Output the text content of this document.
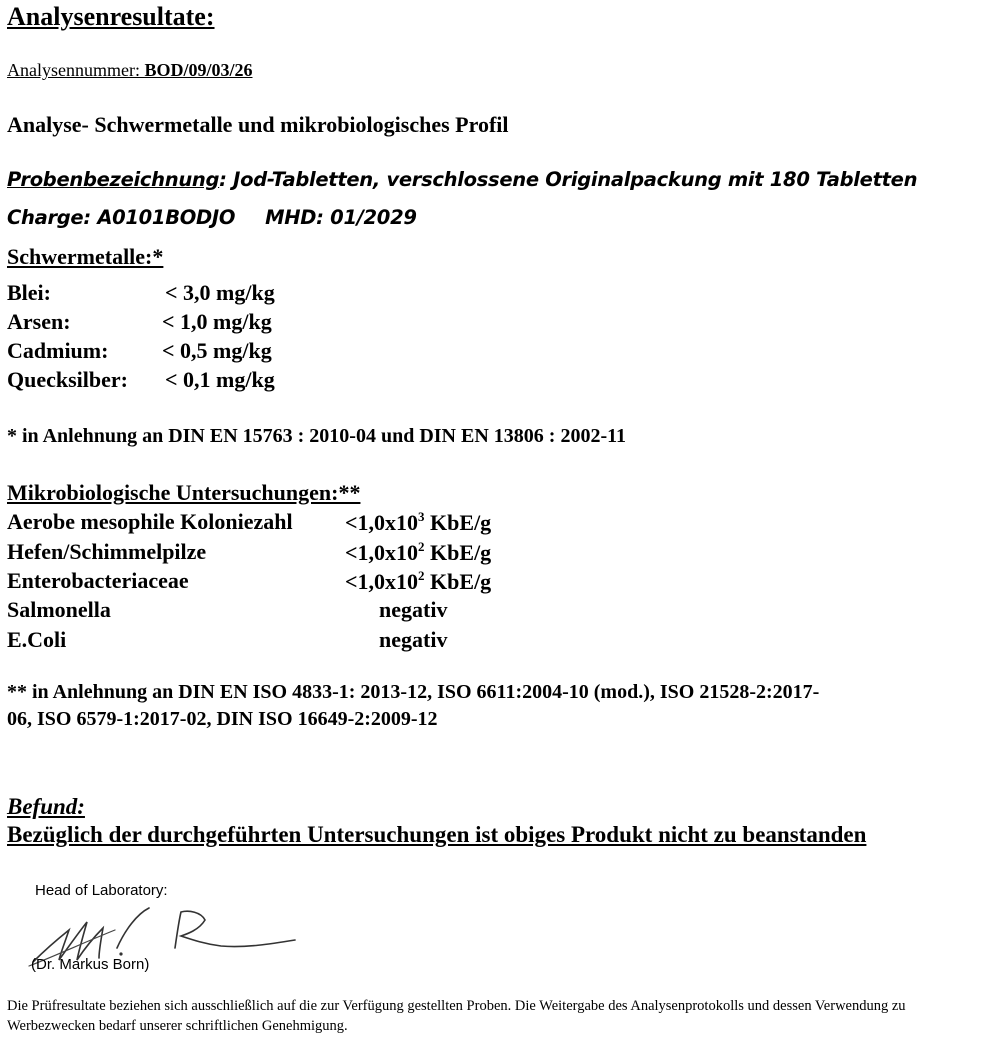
Analysenresultate:
Analysennummer: BOD/09/03/26
Analyse- Schwermetalle und mikrobiologisches Profil
Probenbezeichnung: Jod-Tabletten, verschlossene Originalpackung mit 180 Tabletten
Charge: A0101BODJO MHD: 01/2029
Schwermetalle:*
Blei:	< 3,0 mg/kg
Arsen:	< 1,0 mg/kg
Cadmium: < 0,5 mg/kg
Quecksilber: < 0,1 mg/kg
* in Anlehnung an DIN EN 15763 : 2010-04 und DIN EN 13806 : 2002-11
Mikrobiologische Untersuchungen:**
Aerobe mesophile Koloniezahl $<1,0x10^3$ KbE/g
Hefen/Schimmelpilze	$<1,0x10^2$ KbE/g
Enterobacteriaceae	$<1,0x10^2$ KbE/g
Salmonella	negativ
E.Coli	negativ
** in Anlehnung an DIN EN ISO 4833-1: 2013-12, ISO 6611:2004-10 (mod.), ISO 21528-2:2017-
06, ISO 6579-1:2017-02, DIN ISO 16649-2:2009-12
Befund:
Bezüglich der durchgeführten Untersuchungen ist obiges Produkt nicht zu beanstanden
Head of Laboratory:
(Dr. Markus Born)
Die Prüfresultate beziehen sich ausschließlich auf die zur Verfügung gestellten Proben. Die Weitergabe des Analysenprotokolls und dessen Verwendung zu Werbezwecken bedarf unserer schriftlichen Genehmigung.
